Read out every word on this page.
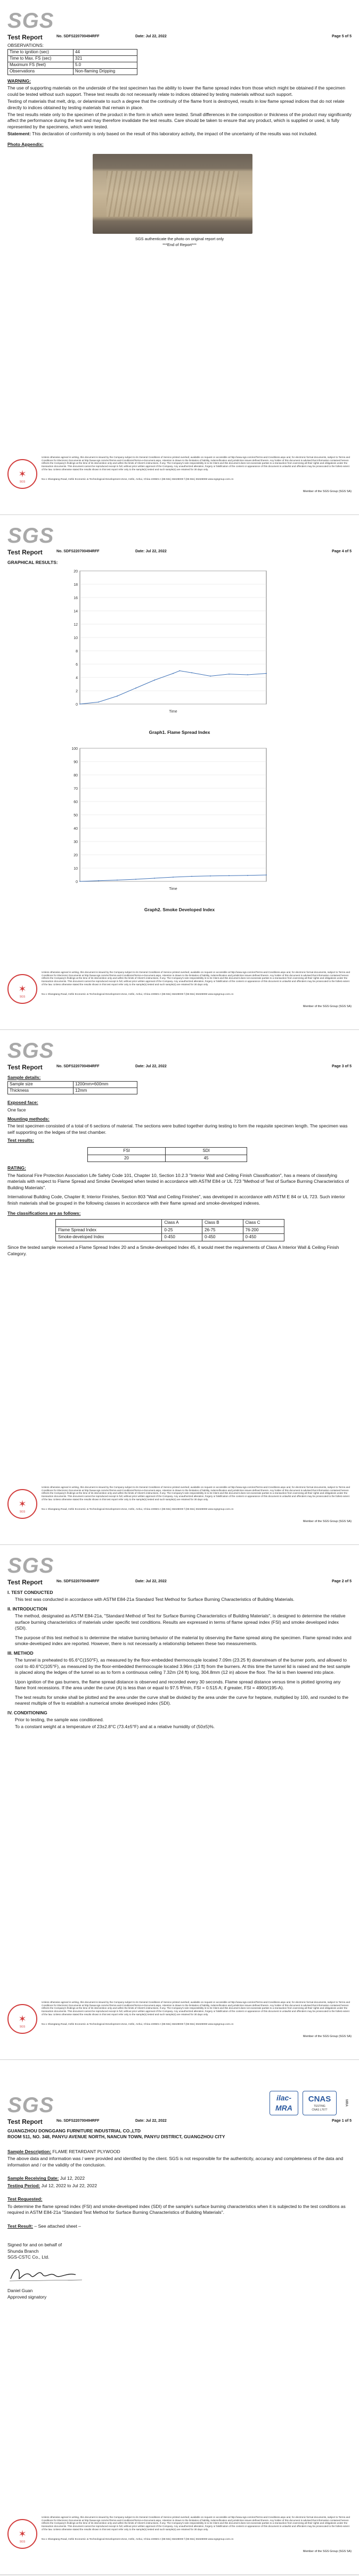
SGS
Test Report	No. SDFS220700494RFF	Date: Jul 22, 2022	Page 5 of 5
OBSERVATIONS:
Time to ignition (sec)	44
Time to Max. FS (sec)	321
Maximum FS (feet)	5.0
Observations	Non-flaming Dripping
WARNING:
The use of supporting materials on the underside of the test specimen has the ability to lower the flame spread index from those which might be obtained if the specimen could be tested without such support. These test results do not necessarily relate to indices obtained by testing materials without such support.
Testing of materials that melt, drip, or delaminate to such a degree that the continuity of the flame front is destroyed, results in low flame spread indices that do not relate directly to indices obtained by testing materials that remain in place.
The test results relate only to the specimen of the product in the form in which were tested. Small differences in the composition or thickness of the product may significantly affect the performance during the test and may therefore invalidate the test results. Care should be taken to ensure that any product, which is supplied or used, is fully represented by the specimens, which were tested.
Statement: This declaration of conformity is only based on the result of this laboratory activity, the impact of the uncertainty of the results was not included.
Photo Appendix:
SGS authenticate the photo on original report only
***End of Report***
✶
SGS
Unless otherwise agreed in writing, this document is issued by the Company subject to its General Conditions of Service printed overleaf, available on request or accessible at http://www.sgs.com/en/Terms-and-Conditions.aspx and, for electronic format documents, subject to Terms and Conditions for Electronic Documents at http://www.sgs.com/en/Terms-and-Conditions/Terms-e-Document.aspx. Attention is drawn to the limitation of liability, indemnification and jurisdiction issues defined therein. Any holder of this document is advised that information contained hereon reflects the Company's findings at the time of its intervention only and within the limits of Client's instructions, if any. The Company's sole responsibility is to its Client and this document does not exonerate parties to a transaction from exercising all their rights and obligations under the transaction documents. This document cannot be reproduced except in full, without prior written approval of the Company. Any unauthorized alteration, forgery or falsification of the content or appearance of this document is unlawful and offenders may be prosecuted to the fullest extent of the law. Unless otherwise stated the results shown in this test report refer only to the sample(s) tested and such sample(s) are retained for 30 days only.
No.1 Shangtang Road, Hefei Economic & Technological Development Zone, Hefei, Anhui, China 230601 t (86-551) 65328000 f (86-551) 65328008 www.sgsgroup.com.cn
Member of the SGS Group (SGS SA)
SGS
Test Report	No. SDFS220700494RFF	Date: Jul 22, 2022	Page 4 of 5
GRAPHICAL RESULTS:
0
2
4
6
8
10
12
14
16
18
20
Time
Graph1. Flame Spread Index
0
10
20
30
40
50
60
70
80
90
100
Time
Graph2. Smoke Developed Index
✶
SGS
Unless otherwise agreed in writing, this document is issued by the Company subject to its General Conditions of Service printed overleaf, available on request or accessible at http://www.sgs.com/en/Terms-and-Conditions.aspx and, for electronic format documents, subject to Terms and Conditions for Electronic Documents at http://www.sgs.com/en/Terms-and-Conditions/Terms-e-Document.aspx. Attention is drawn to the limitation of liability, indemnification and jurisdiction issues defined therein. Any holder of this document is advised that information contained hereon reflects the Company's findings at the time of its intervention only and within the limits of Client's instructions, if any. The Company's sole responsibility is to its Client and this document does not exonerate parties to a transaction from exercising all their rights and obligations under the transaction documents. This document cannot be reproduced except in full, without prior written approval of the Company. Any unauthorized alteration, forgery or falsification of the content or appearance of this document is unlawful and offenders may be prosecuted to the fullest extent of the law. Unless otherwise stated the results shown in this test report refer only to the sample(s) tested and such sample(s) are retained for 30 days only.
No.1 Shangtang Road, Hefei Economic & Technological Development Zone, Hefei, Anhui, China 230601 t (86-551) 65328000 f (86-551) 65328008 www.sgsgroup.com.cn
Member of the SGS Group (SGS SA)
SGS
Test Report	No. SDFS220700494RFF	Date: Jul 22, 2022	Page 3 of 5
Sample details:
Sample size	1200mm×600mm
Thickness	12mm
Exposed face:
One face
Mounting methods:
The test specimen consisted of a total of 6 sections of material. The sections were butted together during testing to form the requisite specimen length. The specimen was self supporting on the ledges of the test chamber.
Test results:
FSI	SDI
20	45
RATING:
The National Fire Protection Association Life Safety Code 101, Chapter 10, Section 10.2.3 "Interior Wall and Ceiling Finish Classification", has a means of classifying materials with respect to Flame Spread and Smoke Developed when tested in accordance with ASTM E84 or UL 723 "Method of Test of Surface Burning Characteristics of Building Materials".
International Building Code, Chapter 8; Interior Finishes, Section 803 "Wall and Ceiling Finishes", was developed in accordance with ASTM E 84 or UL 723. Such interior finish materials shall be grouped in the following classes in accordance with their flame spread and smoke-developed indexes.
The classifications are as follows:
	Class A	Class B	Class C
Flame Spread Index	0-25	26-75	76-200
Smoke-developed Index	0-450	0-450	0-450
Since the tested sample received a Flame Spread Index 20 and a Smoke-developed Index 45, it would meet the requirements of Class A Interior Wall & Ceiling Finish Category.
✶
SGS
Unless otherwise agreed in writing, this document is issued by the Company subject to its General Conditions of Service printed overleaf, available on request or accessible at http://www.sgs.com/en/Terms-and-Conditions.aspx and, for electronic format documents, subject to Terms and Conditions for Electronic Documents at http://www.sgs.com/en/Terms-and-Conditions/Terms-e-Document.aspx. Attention is drawn to the limitation of liability, indemnification and jurisdiction issues defined therein. Any holder of this document is advised that information contained hereon reflects the Company's findings at the time of its intervention only and within the limits of Client's instructions, if any. The Company's sole responsibility is to its Client and this document does not exonerate parties to a transaction from exercising all their rights and obligations under the transaction documents. This document cannot be reproduced except in full, without prior written approval of the Company. Any unauthorized alteration, forgery or falsification of the content or appearance of this document is unlawful and offenders may be prosecuted to the fullest extent of the law. Unless otherwise stated the results shown in this test report refer only to the sample(s) tested and such sample(s) are retained for 30 days only.
No.1 Shangtang Road, Hefei Economic & Technological Development Zone, Hefei, Anhui, China 230601 t (86-551) 65328000 f (86-551) 65328008 www.sgsgroup.com.cn
Member of the SGS Group (SGS SA)
SGS
Test Report	No. SDFS220700494RFF	Date: Jul 22, 2022	Page 2 of 5
I. TEST CONDUCTED
This test was conducted in accordance with ASTM E84-21a Standard Test Method for Surface Burning Characteristics of Building Materials.
II. INTRODUCTION
The method, designated as ASTM E84-21a, "Standard Method of Test for Surface Burning Characteristics of Building Materials", is designed to determine the relative surface burning characteristics of materials under specific test conditions. Results are expressed in terms of flame spread index (FSI) and smoke developed index (SDI).
The purpose of this test method is to determine the relative burning behavior of the material by observing the flame spread along the specimen. Flame spread index and smoke-developed index are reported. However, there is not necessarily a relationship between these two measurements.
III. METHOD
The tunnel is preheated to 65.6°C(150°F), as measured by the floor-embedded thermocouple located 7.09m (23.25 ft) downstream of the burner ports, and allowed to cool to 40.6°C(105°F), as measured by the floor-embedded thermocouple located 3.96m (13 ft) from the burners. At this time the tunnel lid is raised and the test sample is placed along the ledges of the tunnel so as to form a continuous ceiling 7.32m (24 ft) long, 304.8mm (12 in) above the floor. The lid is then lowered into place.
Upon ignition of the gas burners, the flame spread distance is observed and recorded every 30 seconds. Flame spread distance versus time is plotted ignoring any flame front recessions. If the area under the curve (A) is less than or equal to 97.5 ft²min, FSI = 0.515 A; if greater, FSI = 4900/(195-A).
The test results for smoke shall be plotted and the area under the curve shall be divided by the area under the curve for heptane, multiplied by 100, and rounded to the nearest multiple of five to establish a numerical smoke developed index (SDI).
IV. CONDITIONING
Prior to testing, the sample was conditioned.
To a constant weight at a temperature of 23±2.8°C (73.4±5°F) and at a relative humidity of (50±5)%.
✶
SGS
Unless otherwise agreed in writing, this document is issued by the Company subject to its General Conditions of Service printed overleaf, available on request or accessible at http://www.sgs.com/en/Terms-and-Conditions.aspx and, for electronic format documents, subject to Terms and Conditions for Electronic Documents at http://www.sgs.com/en/Terms-and-Conditions/Terms-e-Document.aspx. Attention is drawn to the limitation of liability, indemnification and jurisdiction issues defined therein. Any holder of this document is advised that information contained hereon reflects the Company's findings at the time of its intervention only and within the limits of Client's instructions, if any. The Company's sole responsibility is to its Client and this document does not exonerate parties to a transaction from exercising all their rights and obligations under the transaction documents. This document cannot be reproduced except in full, without prior written approval of the Company. Any unauthorized alteration, forgery or falsification of the content or appearance of this document is unlawful and offenders may be prosecuted to the fullest extent of the law. Unless otherwise stated the results shown in this test report refer only to the sample(s) tested and such sample(s) are retained for 30 days only.
No.1 Shangtang Road, Hefei Economic & Technological Development Zone, Hefei, Anhui, China 230601 t (86-551) 65328000 f (86-551) 65328008 www.sgsgroup.com.cn
Member of the SGS Group (SGS SA)
SGS	ilac-MRA
CNAS
TESTING
CNAS L7677
MRA
Test Report	No. SDFS220700494RFF	Date: Jul 22, 2022	Page 1 of 5
GUANGZHOU DONGGANG FURNITURE INDUSTRIAL CO.,LTD
ROOM 511, NO. 348, PANYU AVENUE NORTH, NANCUN TOWN, PANYU DISTRICT, GUANGZHOU CITY
Sample Description: FLAME RETARDANT PLYWOOD
The above data and information was / were provided and identified by the client. SGS is not responsible for the authenticity, accuracy and completeness of the data and information and / or the validity of the conclusion.
Sample Receiving Date: Jul 12, 2022
Testing Period: Jul 12, 2022 to Jul 22, 2022
Test Requested:
To determine the flame spread index (FSI) and smoke-developed index (SDI) of the sample's surface burning characteristics when it is subjected to the test conditions as required in ASTM E84-21a "Standard Test Method for Surface Burning Characteristics of Building Materials".
Test Result: – See attached sheet –
Signed for and on behalf of
Shunda Branch
SGS-CSTC Co., Ltd.
Daniel Guan
Approved signatory
✶
SGS
Unless otherwise agreed in writing, this document is issued by the Company subject to its General Conditions of Service printed overleaf, available on request or accessible at http://www.sgs.com/en/Terms-and-Conditions.aspx and, for electronic format documents, subject to Terms and Conditions for Electronic Documents at http://www.sgs.com/en/Terms-and-Conditions/Terms-e-Document.aspx. Attention is drawn to the limitation of liability, indemnification and jurisdiction issues defined therein. Any holder of this document is advised that information contained hereon reflects the Company's findings at the time of its intervention only and within the limits of Client's instructions, if any. The Company's sole responsibility is to its Client and this document does not exonerate parties to a transaction from exercising all their rights and obligations under the transaction documents. This document cannot be reproduced except in full, without prior written approval of the Company. Any unauthorized alteration, forgery or falsification of the content or appearance of this document is unlawful and offenders may be prosecuted to the fullest extent of the law. Unless otherwise stated the results shown in this test report refer only to the sample(s) tested and such sample(s) are retained for 30 days only.
No.1 Shangtang Road, Hefei Economic & Technological Development Zone, Hefei, Anhui, China 230601 t (86-551) 65328000 f (86-551) 65328008 www.sgsgroup.com.cn
Member of the SGS Group (SGS SA)
